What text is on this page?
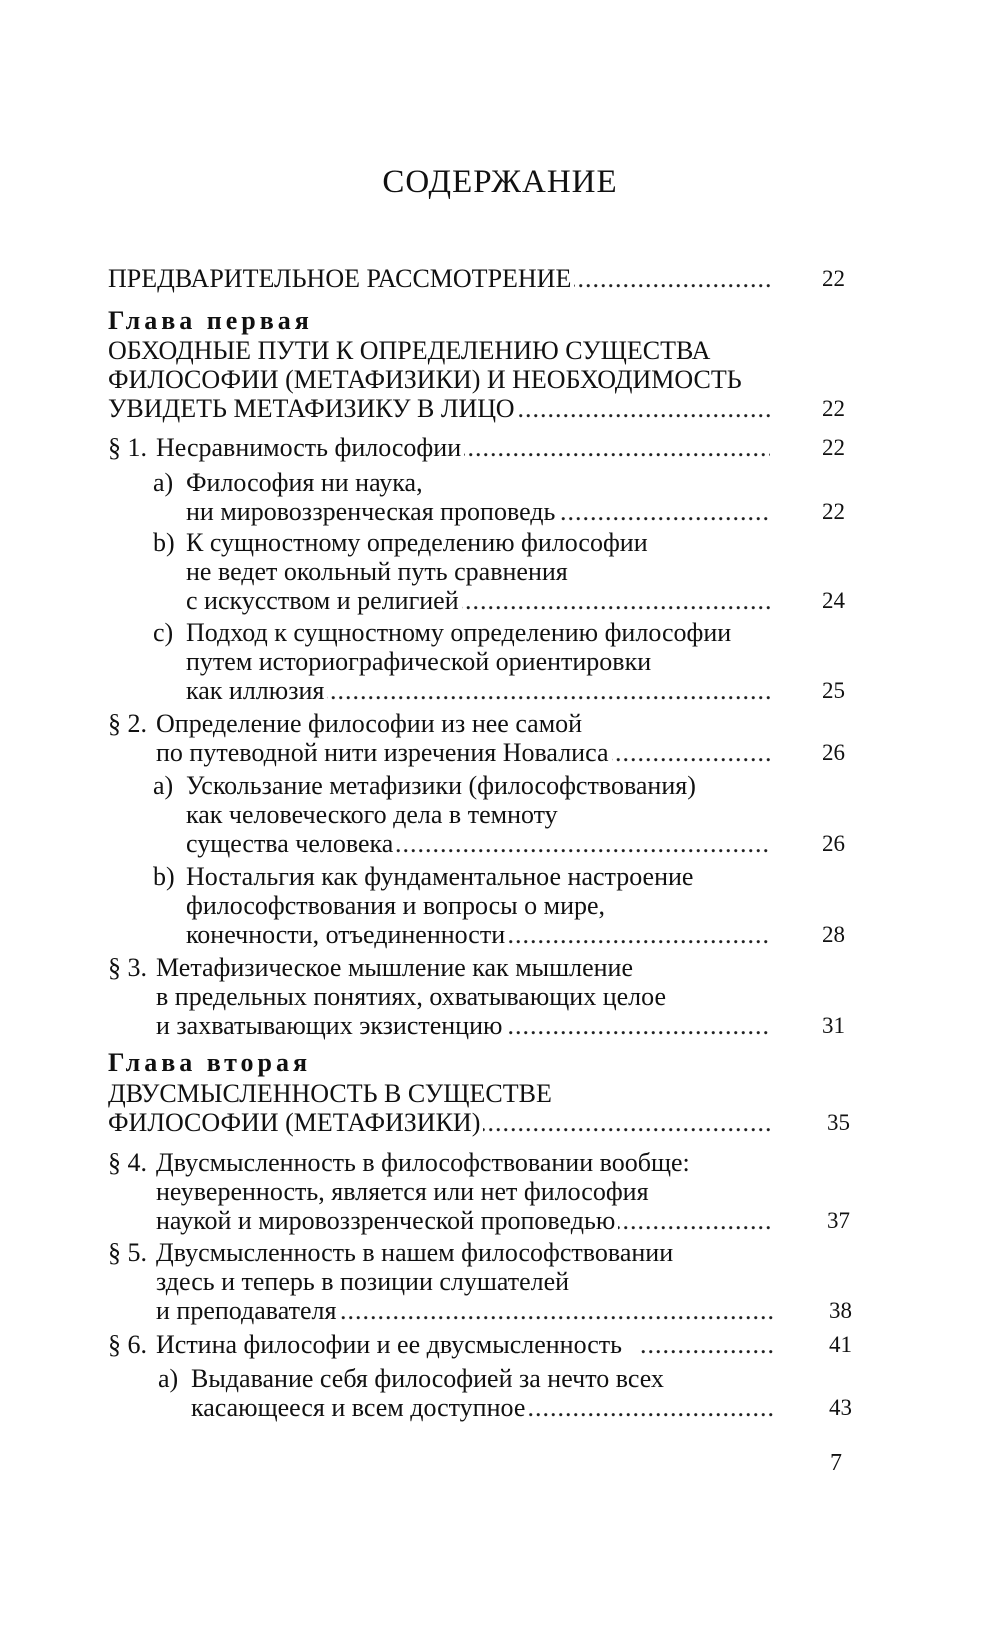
СОДЕРЖАНИЕ
ПРЕДВАРИТЕЛЬНОЕ РАССМОТРЕНИЕ .....	22
Глава первая
ОБХОДНЫЕ ПУТИ К ОПРЕДЕЛЕНИЮ СУЩЕСТВА
ФИЛОСОФИИ (МЕТАФИЗИКИ) И НЕОБХОДИМОСТЬ
УВИДЕТЬ МЕТАФИЗИКУ В ЛИЦО .....	22
§ 1. Несравнимость философии .....	22
a) Философия ни наука,
ни мировоззренческая проповедь .....	22
b) К сущностному определению философии
не ведет окольный путь сравнения
с искусством и религией .....	24
c) Подход к сущностному определению философии
путем историографической ориентировки
как иллюзия .....	25
§ 2. Определение философии из нее самой
по путеводной нити изречения Новалиса .....	26
a) Ускользание метафизики (философствования)
как человеческого дела в темноту
существа человека .....	26
b) Ностальгия как фундаментальное настроение
философствования и вопросы о мире,
конечности, отъединенности .....	28
§ 3. Метафизическое мышление как мышление
в предельных понятиях, охватывающих целое
и захватывающих экзистенцию .....	31
Глава вторая
ДВУСМЫСЛЕННОСТЬ В СУЩЕСТВЕ
ФИЛОСОФИИ (МЕТАФИЗИКИ) .....	35
§ 4. Двусмысленность в философствовании вообще:
неуверенность, является или нет философия
наукой и мировоззренческой проповедью .....	37
§ 5. Двусмысленность в нашем философствовании
здесь и теперь в позиции слушателей
и преподавателя .....	38
§ 6. Истина философии и ее двусмысленность .....	41
a) Выдавание себя философией за нечто всех
касающееся и всем доступное .....	43
7
